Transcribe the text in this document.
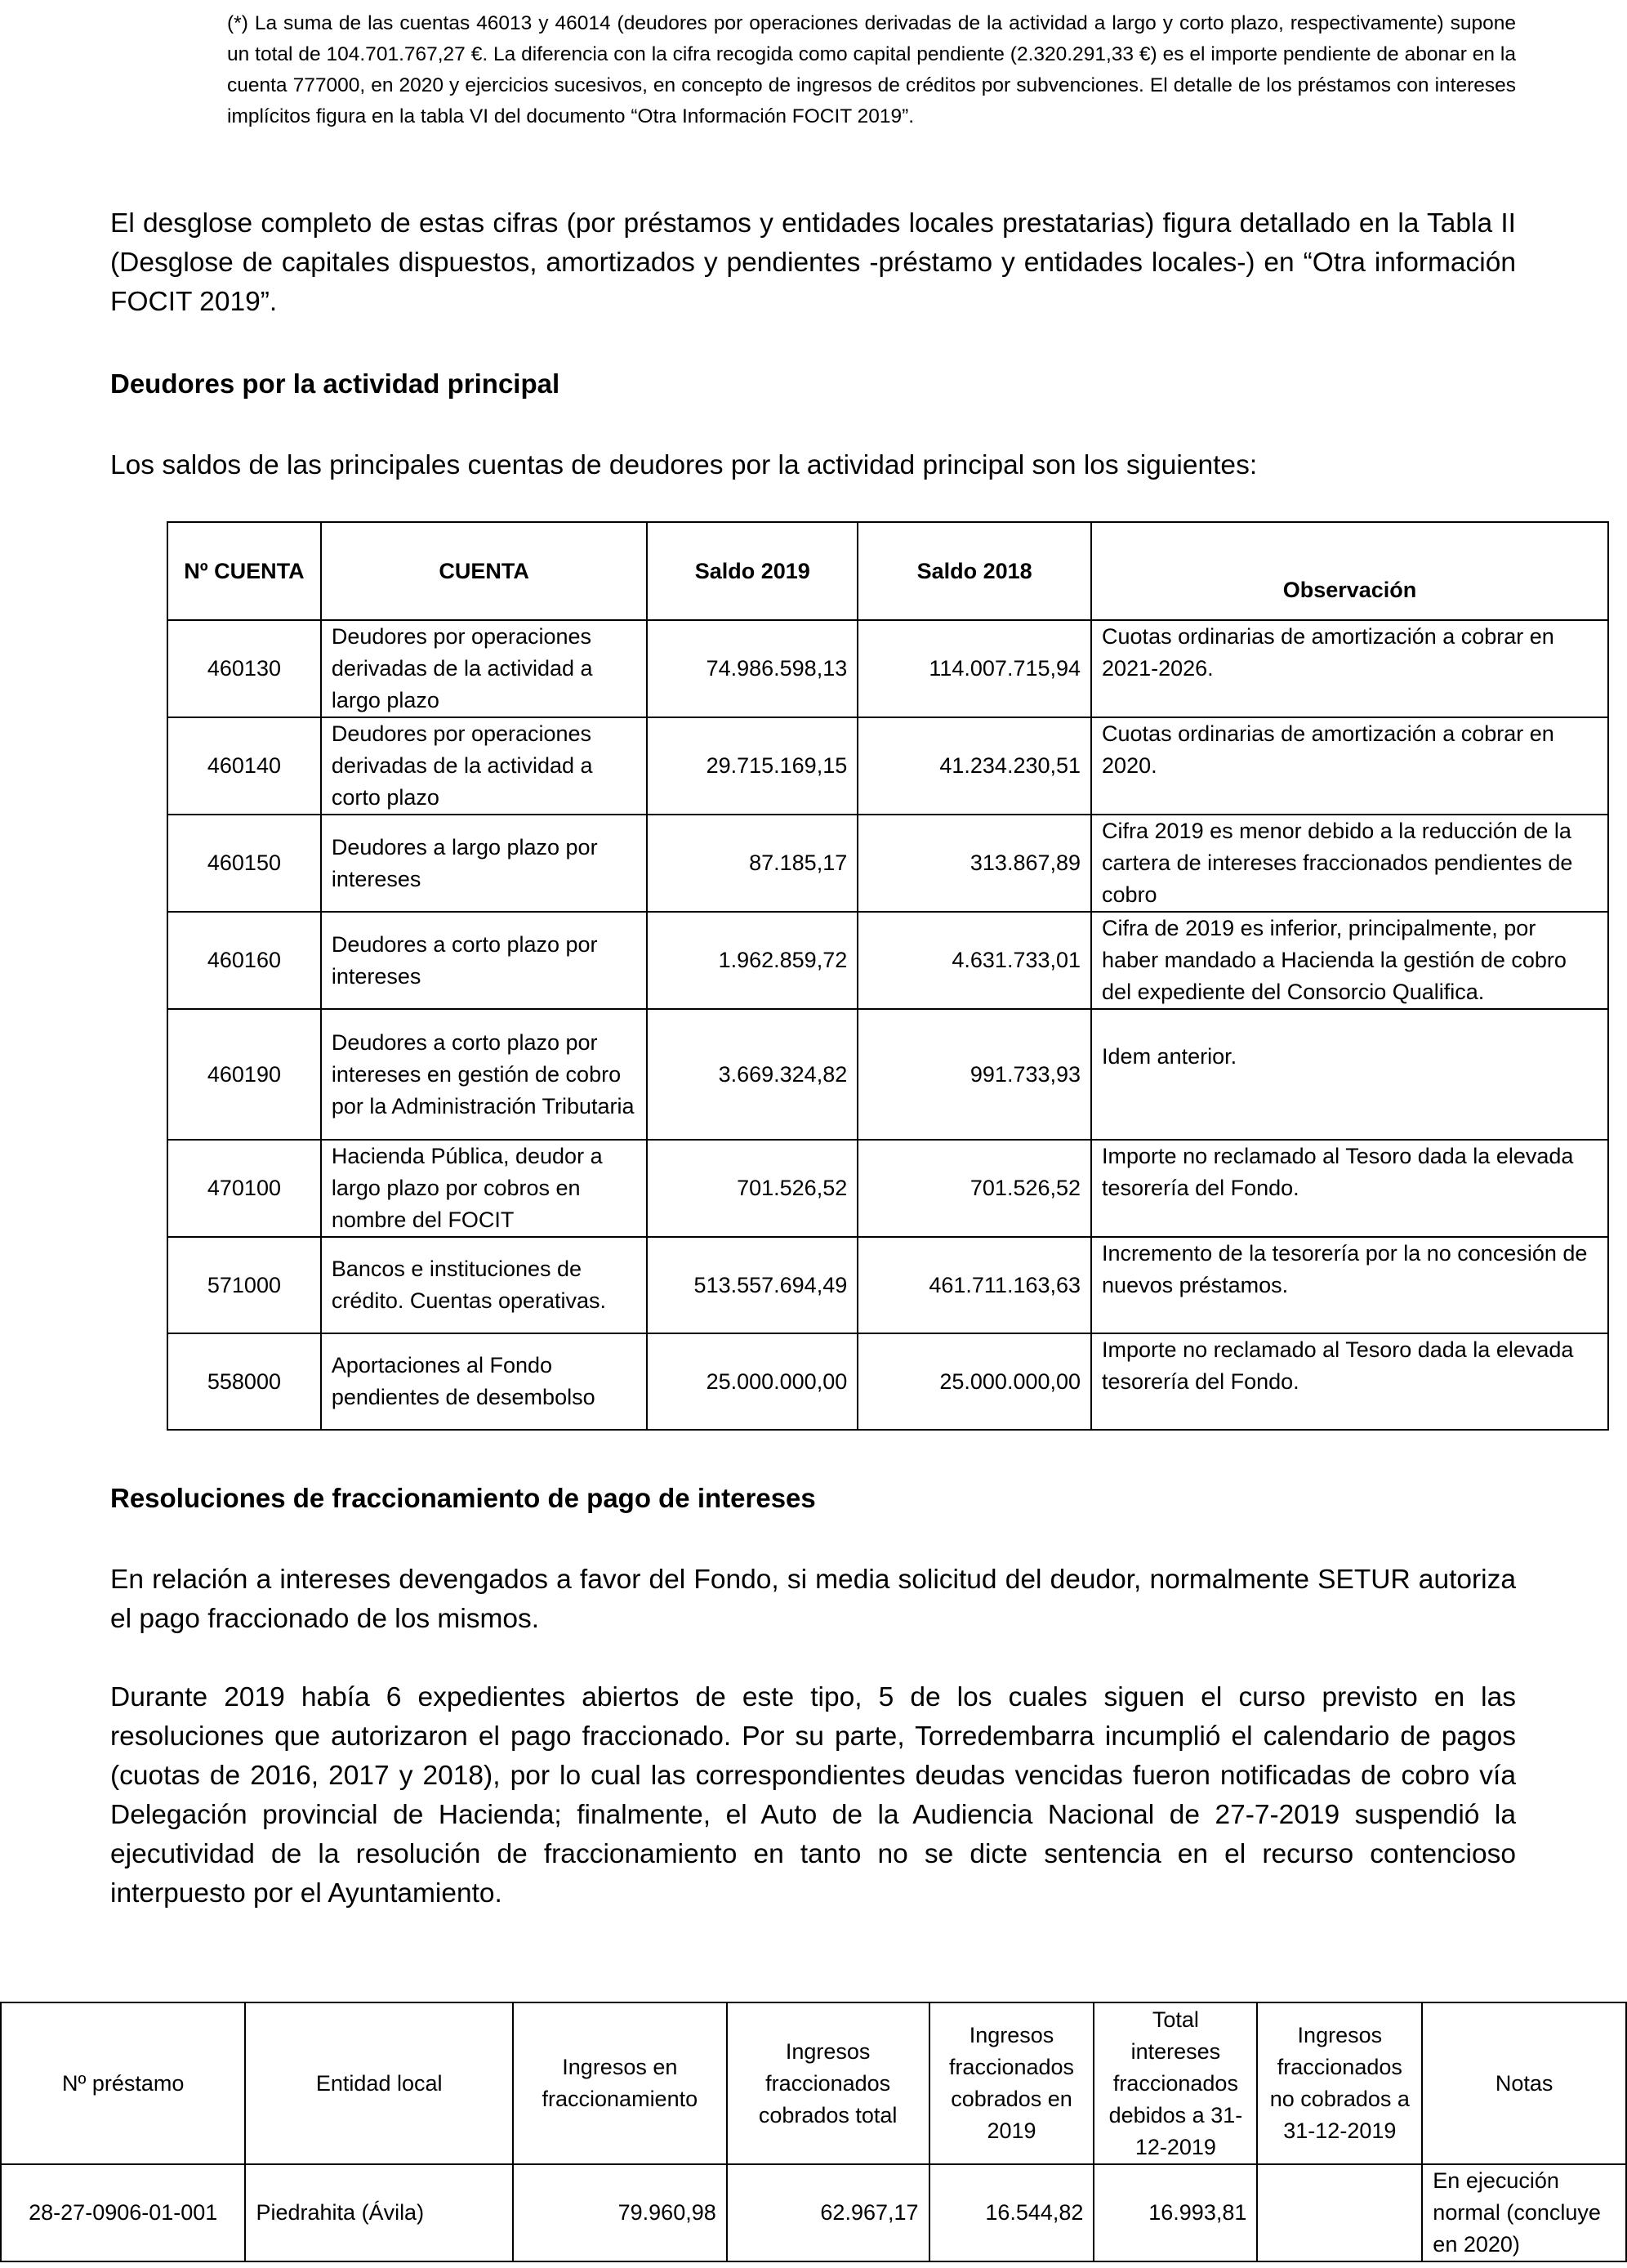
(*) La suma de las cuentas 46013 y 46014 (deudores por operaciones derivadas de la actividad a largo y corto plazo, respectivamente) supone un total de 104.701.767,27 €. La diferencia con la cifra recogida como capital pendiente (2.320.291,33 €) es el importe pendiente de abonar en la cuenta 777000, en 2020 y ejercicios sucesivos, en concepto de ingresos de créditos por subvenciones. El detalle de los préstamos con intereses implícitos figura en la tabla VI del documento “Otra Información FOCIT 2019”.
El desglose completo de estas cifras (por préstamos y entidades locales prestatarias) figura detallado en la Tabla II (Desglose de capitales dispuestos, amortizados y pendientes -préstamo y entidades locales-) en “Otra información FOCIT 2019”.
Deudores por la actividad principal
Los saldos de las principales cuentas de deudores por la actividad principal son los siguientes:
Nº CUENTA	CUENTA	Saldo 2019	Saldo 2018	Observación
460130	Deudores por operaciones derivadas de la actividad a largo plazo	74.986.598,13	114.007.715,94	Cuotas ordinarias de amortización a cobrar en 2021-2026.
460140	Deudores por operaciones derivadas de la actividad a corto plazo	29.715.169,15	41.234.230,51	Cuotas ordinarias de amortización a cobrar en 2020.
460150	Deudores a largo plazo por intereses	87.185,17	313.867,89	Cifra 2019 es menor debido a la reducción de la cartera de intereses fraccionados pendientes de cobro
460160	Deudores a corto plazo por intereses	1.962.859,72	4.631.733,01	Cifra de 2019 es inferior, principalmente, por haber mandado a Hacienda la gestión de cobro del expediente del Consorcio Qualifica.
460190	Deudores a corto plazo por intereses en gestión de cobro por la Administración Tributaria	3.669.324,82	991.733,93	Idem anterior.
470100	Hacienda Pública, deudor a largo plazo por cobros en nombre del FOCIT	701.526,52	701.526,52	Importe no reclamado al Tesoro dada la elevada tesorería del Fondo.
571000	Bancos e instituciones de crédito. Cuentas operativas.	513.557.694,49	461.711.163,63	Incremento de la tesorería por la no concesión de nuevos préstamos.
558000	Aportaciones al Fondo pendientes de desembolso	25.000.000,00	25.000.000,00	Importe no reclamado al Tesoro dada la elevada tesorería del Fondo.
Resoluciones de fraccionamiento de pago de intereses
En relación a intereses devengados a favor del Fondo, si media solicitud del deudor, normalmente SETUR autoriza el pago fraccionado de los mismos.
Durante 2019 había 6 expedientes abiertos de este tipo, 5 de los cuales siguen el curso previsto en las resoluciones que autorizaron el pago fraccionado. Por su parte, Torredembarra incumplió el calendario de pagos (cuotas de 2016, 2017 y 2018), por lo cual las correspondientes deudas vencidas fueron notificadas de cobro vía Delegación provincial de Hacienda; finalmente, el Auto de la Audiencia Nacional de 27-7-2019 suspendió la ejecutividad de la resolución de fraccionamiento en tanto no se dicte sentencia en el recurso contencioso interpuesto por el Ayuntamiento.
Nº préstamo	Entidad local	Ingresos en fraccionamiento	Ingresos fraccionados cobrados total	Ingresos fraccionados cobrados en 2019	Total intereses fraccionados debidos a 31-12-2019	Ingresos fraccionados no cobrados a 31-12-2019	Notas
28-27-0906-01-001	Piedrahita (Ávila)	79.960,98	62.967,17	16.544,82	16.993,81		En ejecución normal (concluye en 2020)
